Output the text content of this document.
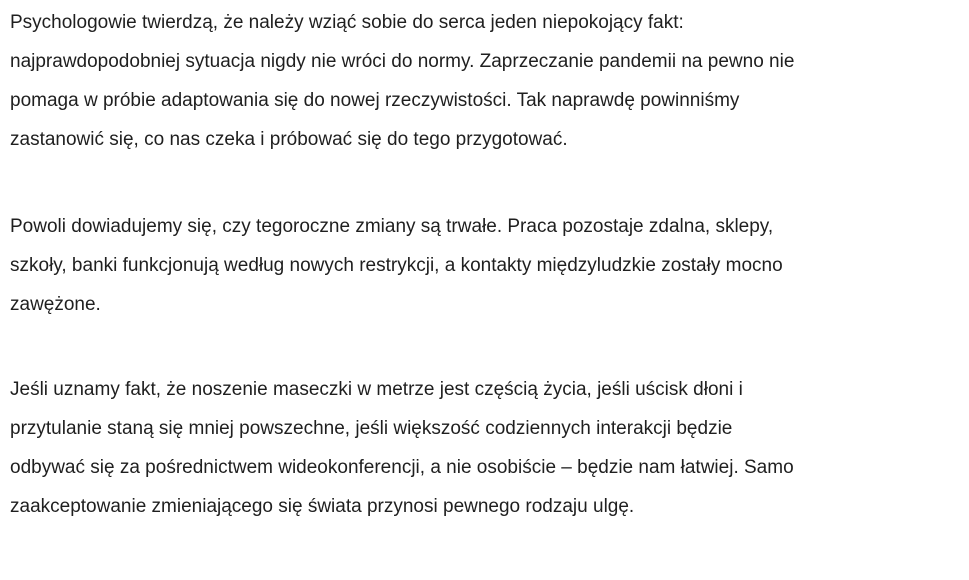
Psychologowie twierdzą, że należy wziąć sobie do serca jeden niepokojący fakt:
najprawdopodobniej sytuacja nigdy nie wróci do normy. Zaprzeczanie pandemii na pewno nie
pomaga w próbie adaptowania się do nowej rzeczywistości. Tak naprawdę powinniśmy
zastanowić się, co nas czeka i próbować się do tego przygotować.

Powoli dowiadujemy się, czy tegoroczne zmiany są trwałe. Praca pozostaje zdalna, sklepy,
szkoły, banki funkcjonują według nowych restrykcji, a kontakty międzyludzkie zostały mocno
zawężone.

Jeśli uznamy fakt, że noszenie maseczki w metrze jest częścią życia, jeśli uścisk dłoni i
przytulanie staną się mniej powszechne, jeśli większość codziennych interakcji będzie
odbywać się za pośrednictwem wideokonferencji, a nie osobiście – będzie nam łatwiej. Samo
zaakceptowanie zmieniającego się świata przynosi pewnego rodzaju ulgę.
